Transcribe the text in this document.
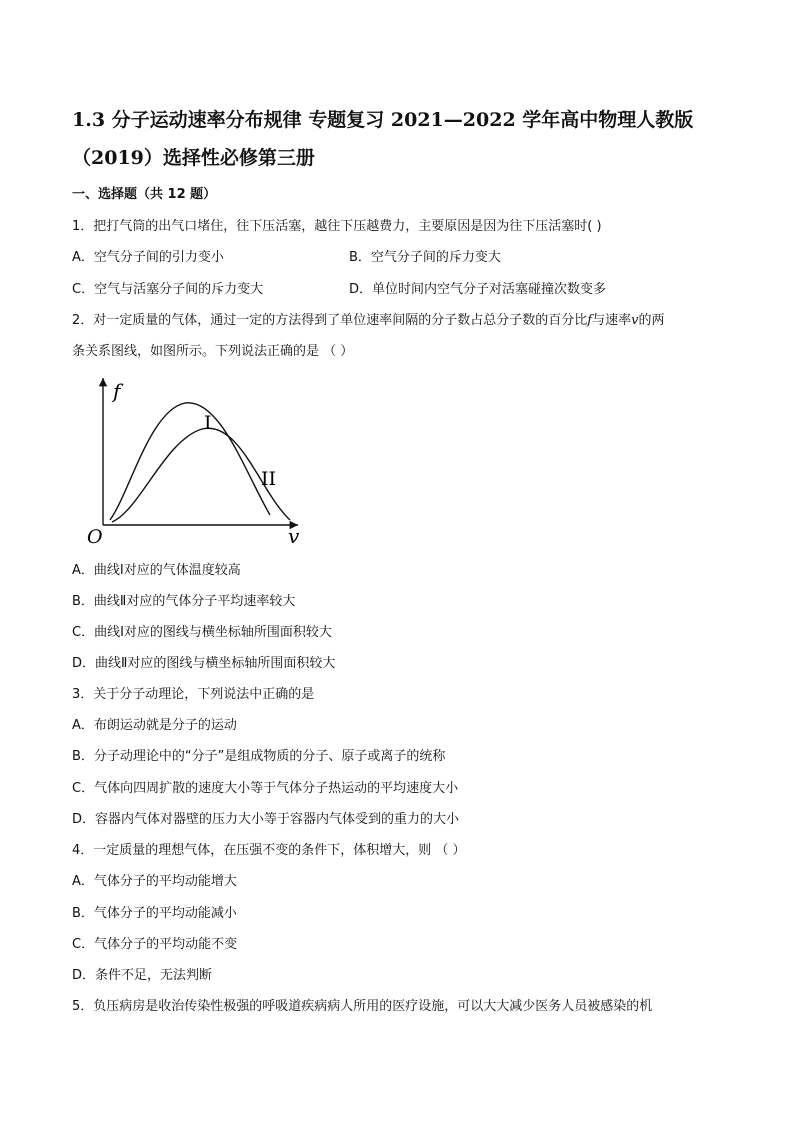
1.3 分子运动速率分布规律 专题复习 2021—2022 学年高中物理人教版
（2019）选择性必修第三册
一、选择题（共 12 题）
1．把打气筒的出气口堵住，往下压活塞，越往下压越费力，主要原因是因为往下压活塞时( )
A．空气分子间的引力变小	B．空气分子间的斥力变大
C．空气与活塞分子间的斥力变大	D．单位时间内空气分子对活塞碰撞次数变多
2．对一定质量的气体，通过一定的方法得到了单位速率间隔的分子数占总分子数的百分比f与速率v的两
条关系图线，如图所示。下列说法正确的是 （ ）
f
v
O
I
II
A．曲线Ⅰ对应的气体温度较高
B．曲线Ⅱ对应的气体分子平均速率较大
C．曲线Ⅰ对应的图线与横坐标轴所围面积较大
D．曲线Ⅱ对应的图线与横坐标轴所围面积较大
3．关于分子动理论，下列说法中正确的是
A．布朗运动就是分子的运动
B．分子动理论中的“分子”是组成物质的分子、原子或离子的统称
C．气体向四周扩散的速度大小等于气体分子热运动的平均速度大小
D．容器内气体对器壁的压力大小等于容器内气体受到的重力的大小
4．一定质量的理想气体，在压强不变的条件下，体积增大，则 （ ）
A．气体分子的平均动能增大
B．气体分子的平均动能减小
C．气体分子的平均动能不变
D．条件不足，无法判断
5．负压病房是收治传染性极强的呼吸道疾病病人所用的医疗设施，可以大大减少医务人员被感染的机
